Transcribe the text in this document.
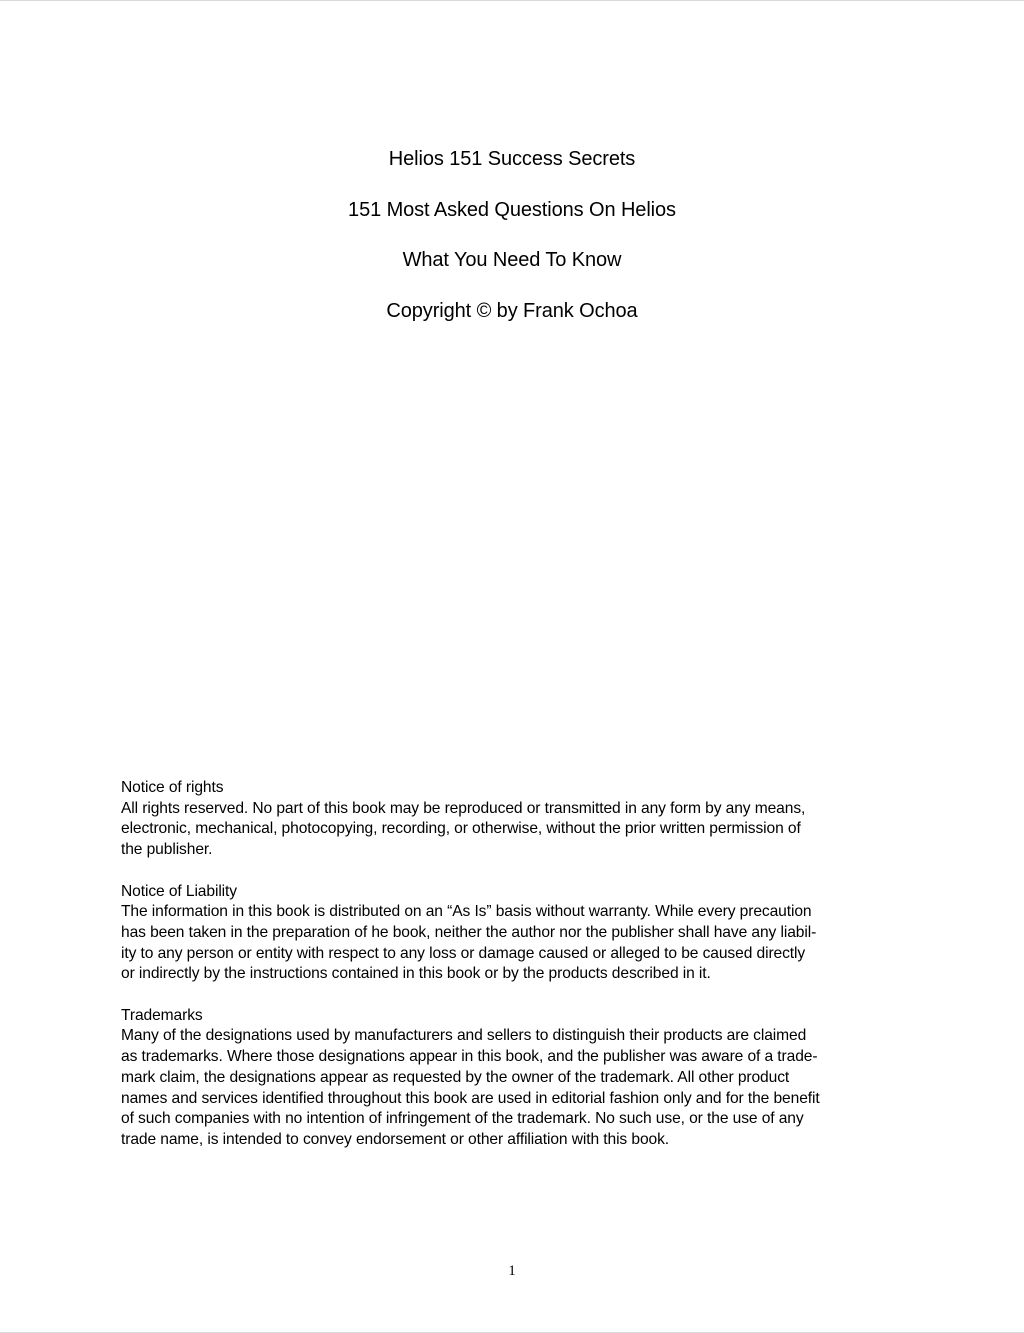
Helios 151 Success Secrets
151 Most Asked Questions On Helios
What You Need To Know
Copyright © by Frank Ochoa
Notice of rights
All rights reserved. No part of this book may be reproduced or transmitted in any form by any means,
electronic, mechanical, photocopying, recording, or otherwise, without the prior written permission of
the publisher.
Notice of Liability
The information in this book is distributed on an “As Is” basis without warranty. While every precaution
has been taken in the preparation of he book, neither the author nor the publisher shall have any liabil-
ity to any person or entity with respect to any loss or damage caused or alleged to be caused directly
or indirectly by the instructions contained in this book or by the products described in it.
Trademarks
Many of the designations used by manufacturers and sellers to distinguish their products are claimed
as trademarks. Where those designations appear in this book, and the publisher was aware of a trade-
mark claim, the designations appear as requested by the owner of the trademark. All other product
names and services identified throughout this book are used in editorial fashion only and for the benefit
of such companies with no intention of infringement of the trademark. No such use, or the use of any
trade name, is intended to convey endorsement or other affiliation with this book.
1
